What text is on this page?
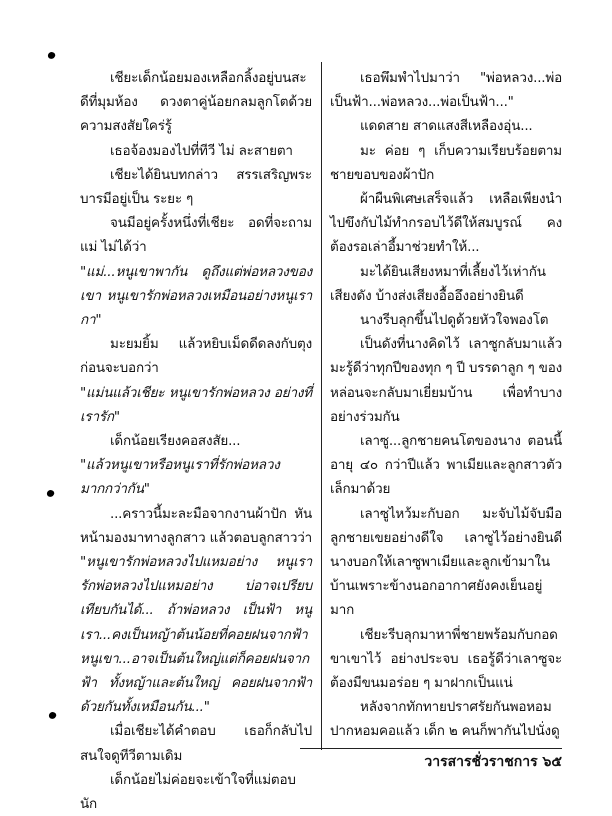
เชียะเด็กน้อยมองเหลือกลิ้งอยู่บนสะดีที่มุมห้อง ดวงตาคู่น้อยกลมลูกโตด้วยความสงสัยใคร่รู้

เธอจ้องมองไปที่ทีวี ไม่ ละสายตา

เชียะได้ยินบทกล่าว สรรเสริญพระบารมีอยู่เป็น ระยะ ๆ

จนมีอยู่ครั้งหนึ่งที่เชียะ อดที่จะถามแม่ ไม่ได้ว่า

"แม่...หนูเขาพากัน ดูถึงแต่พ่อหลวงของเขา หนูเขารักพ่อหลวงเหมือนอย่างหนูเรากา"

มะยมยิ้ม แล้วหยิบเม็ดดีดลงกับตุง ก่อนจะบอกว่า

"แม่นแล้วเชียะ หนูเขารักพ่อหลวง อย่างที่เรารัก"

เด็กน้อยเรียงคอสงสัย...

"แล้วหนูเขาหรือหนูเราที่รักพ่อหลวงมากกว่ากัน"

...คราวนี้มะละมือจากงานผ้าปัก หันหน้ามองมาทางลูกสาว แล้วตอบลูกสาวว่า

"หนูเขารักพ่อหลวงไปแหมอย่าง หนูเรารักพ่อหลวงไปแหมอย่าง บ่อาจเปรียบเทียบกันได้... ถ้าพ่อหลวง เป็นฟ้า หนูเรา...คงเป็นหญ้าต้นน้อยที่คอยฝนจากฟ้าหนูเขา...อาจเป็นต้นใหญ่แต่ก็คอยฝนจากฟ้า ทั้งหญ้าและต้นใหญ่ คอยฝนจากฟ้าด้วยกันทั้งเหมือนกัน..."

เมื่อเชียะได้คำตอบ เธอก็กลับไปสนใจดูทีวีตามเดิม

เด็กน้อยไม่ค่อยจะเข้าใจที่แม่ตอบนัก

เธอพึมพำไปมาว่า "พ่อหลวง...พ่อเป็นฟ้า...พ่อหลวง...พ่อเป็นฟ้า..."

แดดสาย สาดแสงสีเหลืองอุ่น...

มะ ค่อย ๆ เก็บความเรียบร้อยตามชายขอบของผ้าปัก

ผ้าผืนพิเศษเสร็จแล้ว เหลือเพียงนำไปขึงกับไม้ทำกรอบไว้ดีให้สมบูรณ์ คงต้องรอเล่าอี้มาช่วยทำให้...

มะได้ยินเสียงหมาที่เลี้ยงไว้เห่ากันเสียงดัง บ้างส่งเสียงอื้ออึงอย่างยินดี

นางรีบลุกขึ้นไปดูด้วยหัวใจพองโต

เป็นดังที่นางคิดไว้ เลาซูกลับมาแล้วมะรู้ดีว่าทุกปีของทุก ๆ ปี บรรดาลูก ๆ ของหล่อนจะกลับมาเยี่ยมบ้าน เพื่อทำบางอย่างร่วมกัน

เลาซู...ลูกชายคนโตของนาง ตอนนี้อายุ ๔๐ กว่าปีแล้ว พาเมียและลูกสาวตัวเล็กมาด้วย

เลาซูไหว้มะกับอก มะจับไม้จับมือลูกชายเขยอย่างดีใจ เลาซูไว้อย่างยินดี นางบอกให้เลาซูพาเมียและลูกเข้ามาในบ้านเพราะข้างนอกอากาศยังคงเย็นอยู่มาก

เชียะรีบลุกมาหาพี่ชายพร้อมกับกอดขาเขาไว้ อย่างประจบ เธอรู้ดีว่าเลาซูจะต้องมีขนมอร่อย ๆ มาฝากเป็นแน่

หลังจากทักทายปราศรัยกันพอหอมปากหอมคอแล้ว เด็ก ๒ คนก็พากันไปนั่งดู

วารสารชั่วราชการ ๖๕
